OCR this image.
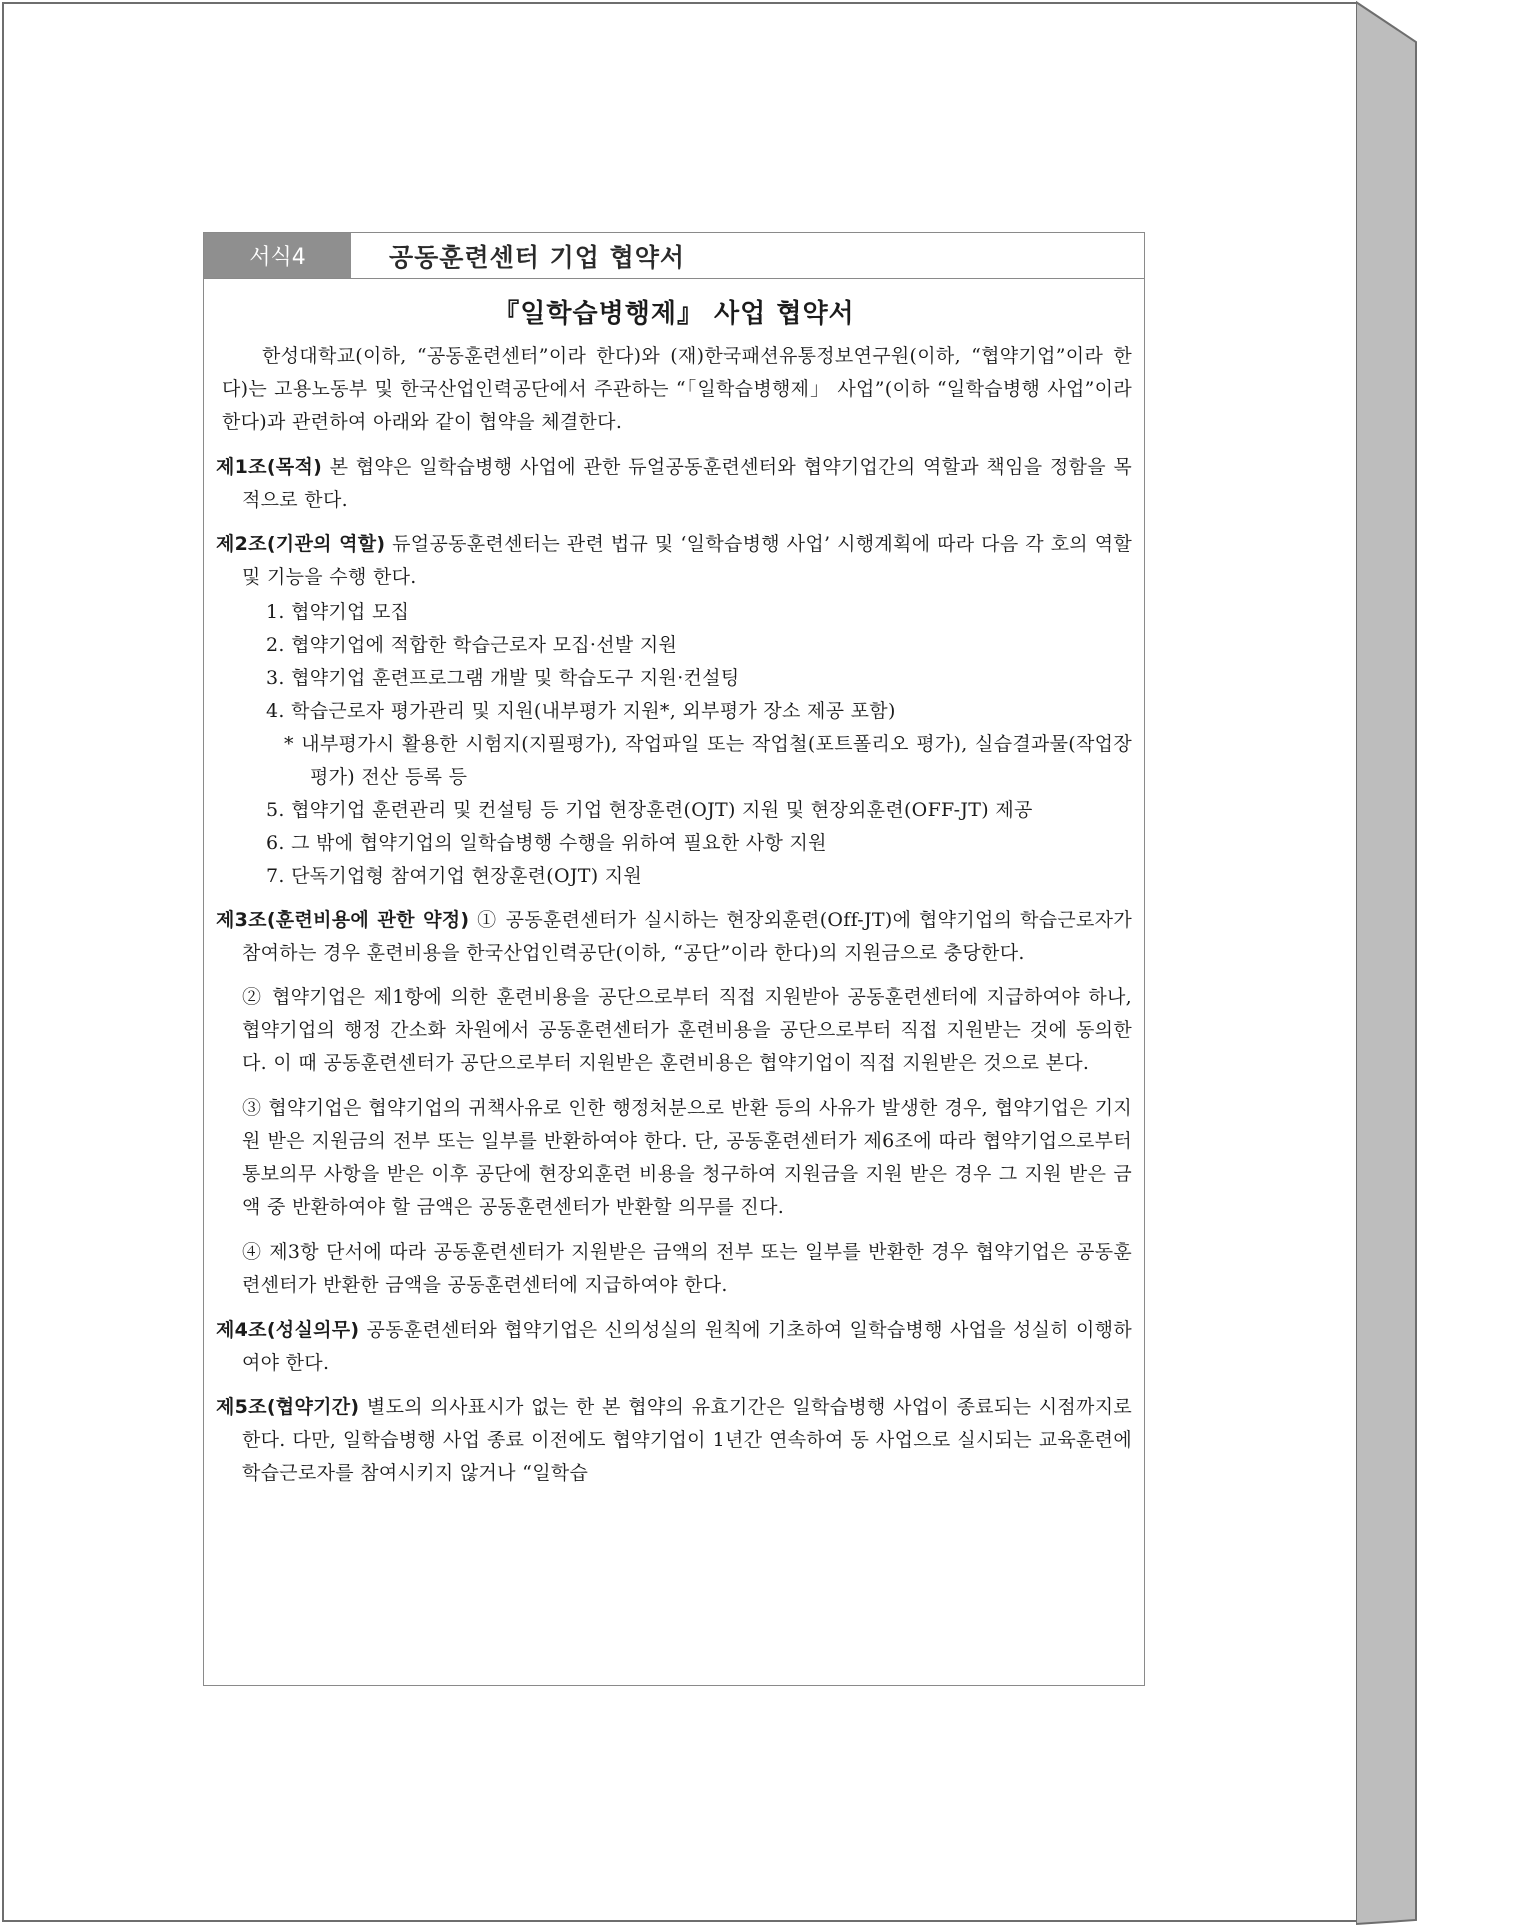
서식4	공동훈련센터 기업 협약서
『일학습병행제』 사업 협약서

한성대학교(이하, “공동훈련센터”이라 한다)와 (재)한국패션유통정보연구원(이하, “협약기업”이라 한다)는 고용노동부 및 한국산업인력공단에서 주관하는 “「일학습병행제」 사업”(이하 “일학습병행 사업”이라 한다)과 관련하여 아래와 같이 협약을 체결한다.

제1조(목적) 본 협약은 일학습병행 사업에 관한 듀얼공동훈련센터와 협약기업간의 역할과 책임을 정함을 목적으로 한다.

제2조(기관의 역할) 듀얼공동훈련센터는 관련 법규 및 ‘일학습병행 사업’ 시행계획에 따라 다음 각 호의 역할 및 기능을 수행 한다.

1. 협약기업 모집

2. 협약기업에 적합한 학습근로자 모집·선발 지원

3. 협약기업 훈련프로그램 개발 및 학습도구 지원·컨설팅

4. 학습근로자 평가관리 및 지원(내부평가 지원*, 외부평가 장소 제공 포함)

* 내부평가시 활용한 시험지(지필평가), 작업파일 또는 작업철(포트폴리오 평가), 실습결과물(작업장 평가) 전산 등록 등

5. 협약기업 훈련관리 및 컨설팅 등 기업 현장훈련(OJT) 지원 및 현장외훈련(OFF-JT) 제공

6. 그 밖에 협약기업의 일학습병행 수행을 위하여 필요한 사항 지원

7. 단독기업형 참여기업 현장훈련(OJT) 지원

제3조(훈련비용에 관한 약정) ① 공동훈련센터가 실시하는 현장외훈련(Off-JT)에 협약기업의 학습근로자가 참여하는 경우 훈련비용을 한국산업인력공단(이하, “공단”이라 한다)의 지원금으로 충당한다.

② 협약기업은 제1항에 의한 훈련비용을 공단으로부터 직접 지원받아 공동훈련센터에 지급하여야 하나, 협약기업의 행정 간소화 차원에서 공동훈련센터가 훈련비용을 공단으로부터 직접 지원받는 것에 동의한다. 이 때 공동훈련센터가 공단으로부터 지원받은 훈련비용은 협약기업이 직접 지원받은 것으로 본다.

③ 협약기업은 협약기업의 귀책사유로 인한 행정처분으로 반환 등의 사유가 발생한 경우, 협약기업은 기지원 받은 지원금의 전부 또는 일부를 반환하여야 한다. 단, 공동훈련센터가 제6조에 따라 협약기업으로부터 통보의무 사항을 받은 이후 공단에 현장외훈련 비용을 청구하여 지원금을 지원 받은 경우 그 지원 받은 금액 중 반환하여야 할 금액은 공동훈련센터가 반환할 의무를 진다.

④ 제3항 단서에 따라 공동훈련센터가 지원받은 금액의 전부 또는 일부를 반환한 경우 협약기업은 공동훈련센터가 반환한 금액을 공동훈련센터에 지급하여야 한다.

제4조(성실의무) 공동훈련센터와 협약기업은 신의성실의 원칙에 기초하여 일학습병행 사업을 성실히 이행하여야 한다.

제5조(협약기간) 별도의 의사표시가 없는 한 본 협약의 유효기간은 일학습병행 사업이 종료되는 시점까지로 한다. 다만, 일학습병행 사업 종료 이전에도 협약기업이 1년간 연속하여 동 사업으로 실시되는 교육훈련에 학습근로자를 참여시키지 않거나 “일학습
